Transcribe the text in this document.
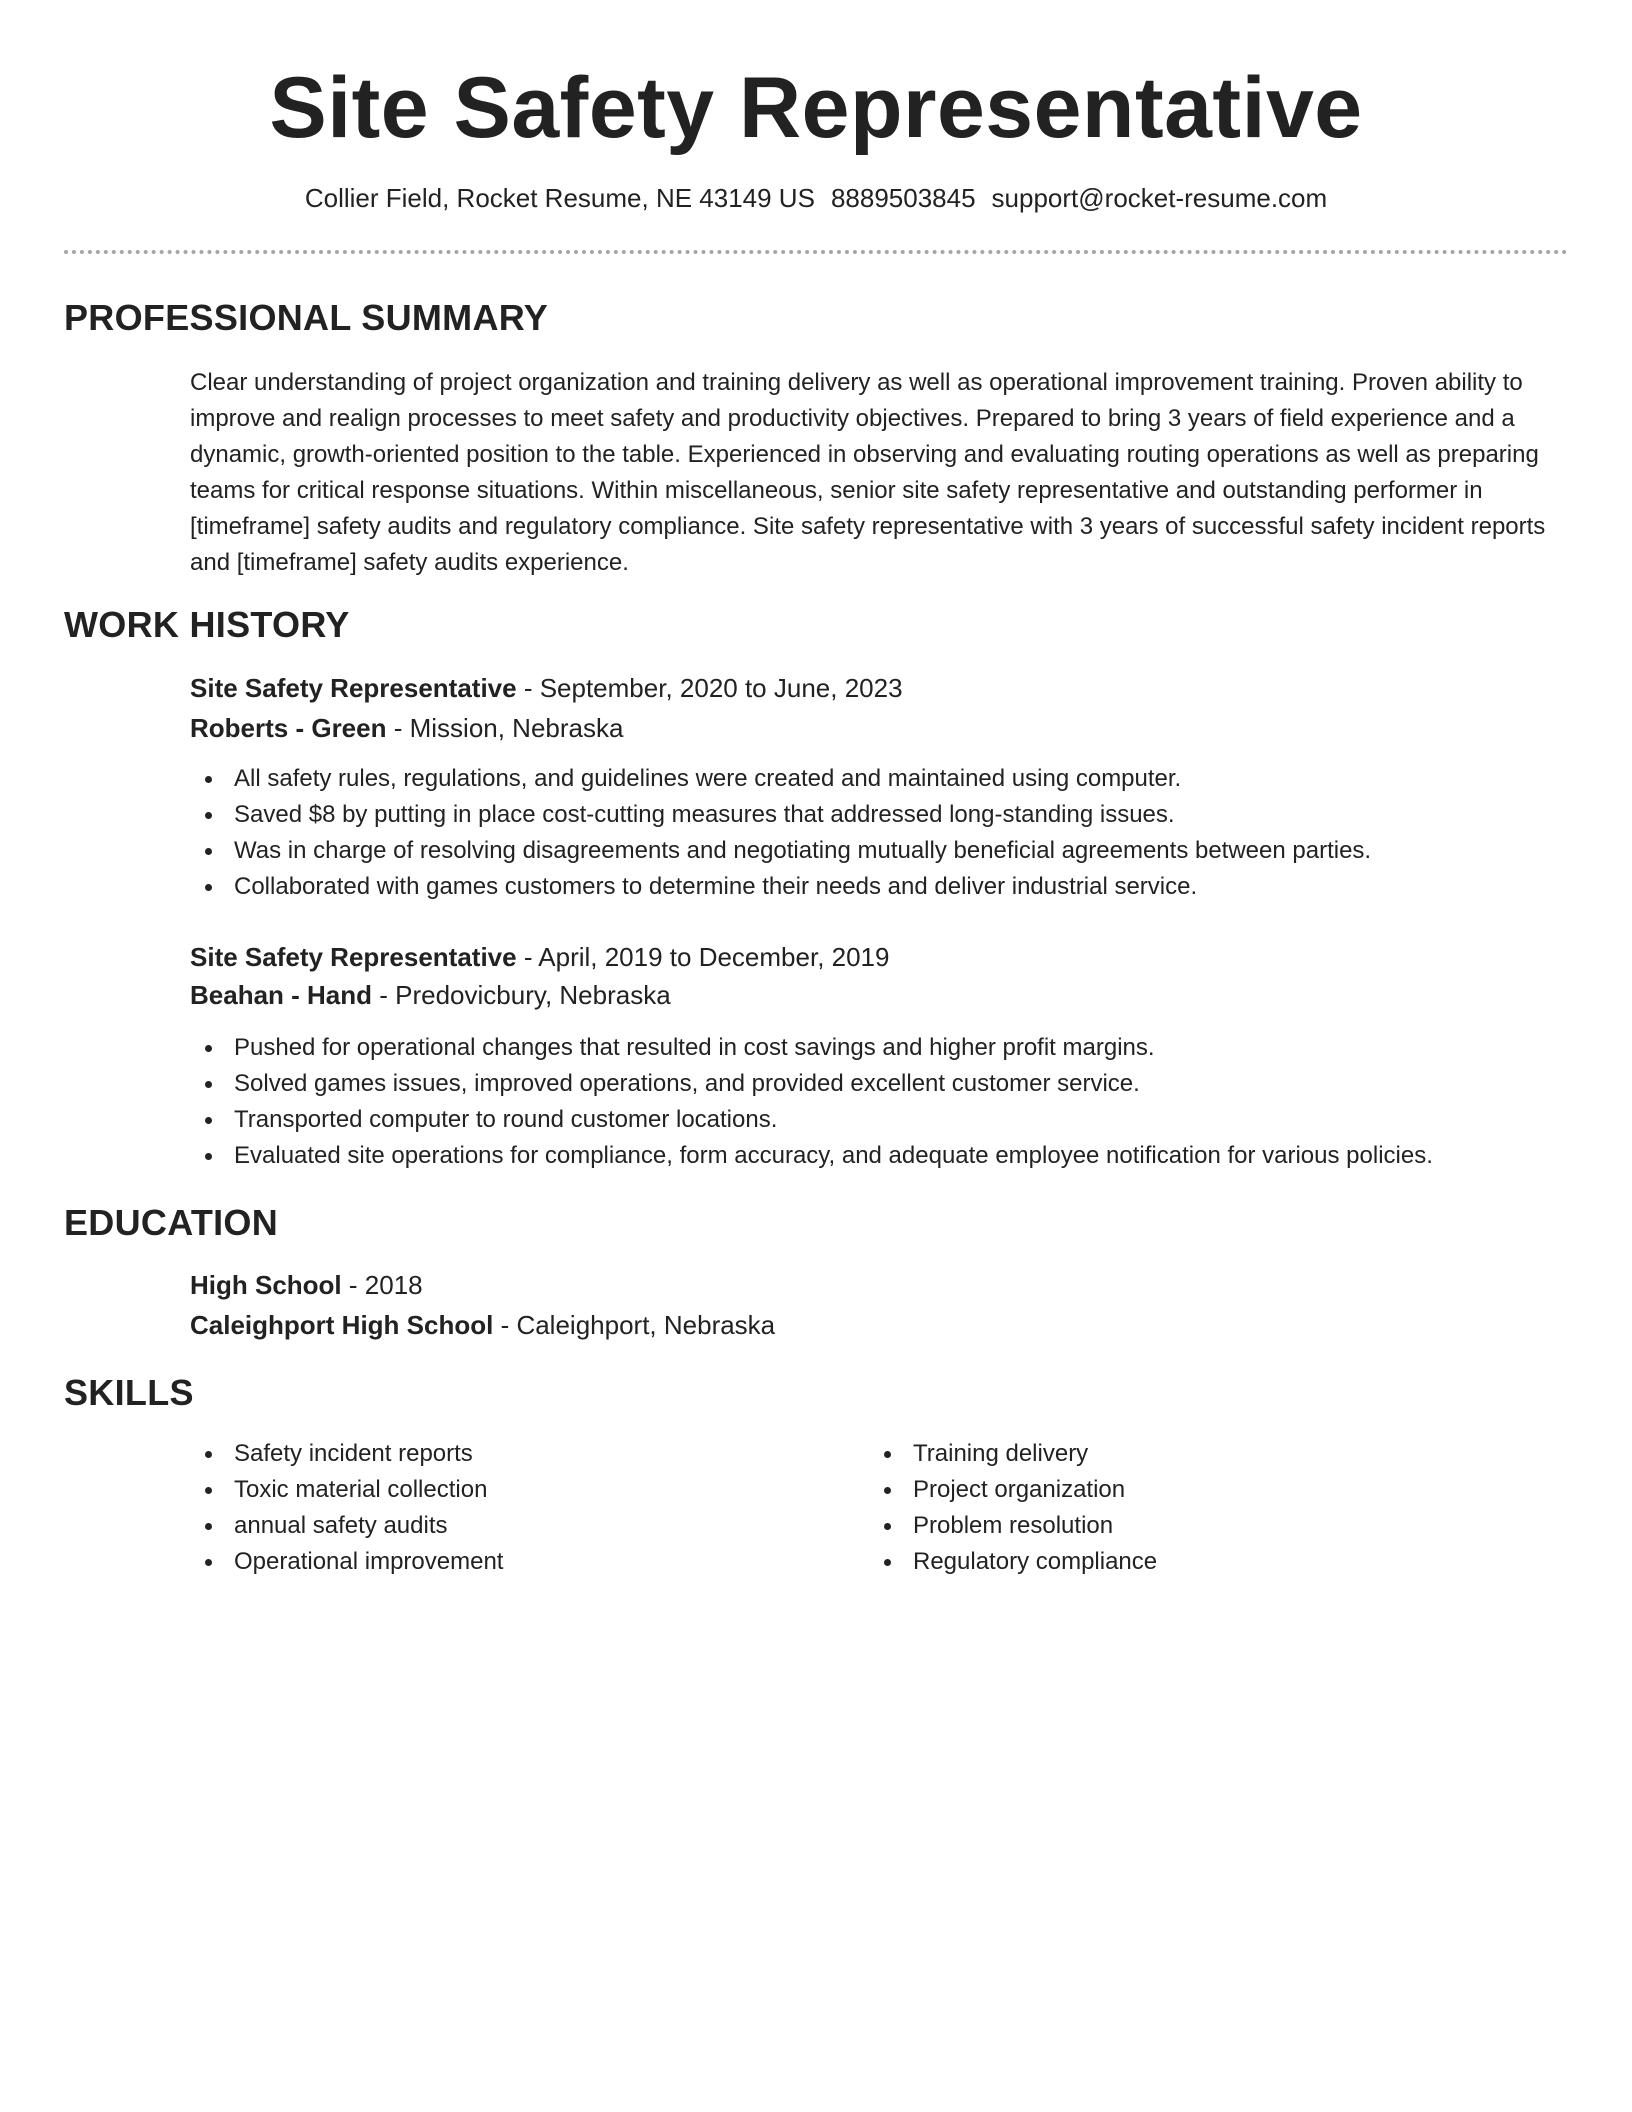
Site Safety Representative
Collier Field, Rocket Resume, NE 43149 US 8889503845 support@rocket-resume.com
PROFESSIONAL SUMMARY

Clear understanding of project organization and training delivery as well as operational improvement training. Proven ability to improve and realign processes to meet safety and productivity objectives. Prepared to bring 3 years of field experience and a dynamic, growth-oriented position to the table. Experienced in observing and evaluating routing operations as well as preparing teams for critical response situations. Within miscellaneous, senior site safety representative and outstanding performer in [timeframe] safety audits and regulatory compliance. Site safety representative with 3 years of successful safety incident reports and [timeframe] safety audits experience.

WORK HISTORY
Site Safety Representative - September, 2020 to June, 2023
Roberts - Green - Mission, Nebraska
All safety rules, regulations, and guidelines were created and maintained using computer.
Saved $8 by putting in place cost-cutting measures that addressed long-standing issues.
Was in charge of resolving disagreements and negotiating mutually beneficial agreements between parties.
Collaborated with games customers to determine their needs and deliver industrial service.
Site Safety Representative - April, 2019 to December, 2019
Beahan - Hand - Predovicbury, Nebraska
Pushed for operational changes that resulted in cost savings and higher profit margins.
Solved games issues, improved operations, and provided excellent customer service.
Transported computer to round customer locations.
Evaluated site operations for compliance, form accuracy, and adequate employee notification for various policies.
EDUCATION
High School - 2018
Caleighport High School - Caleighport, Nebraska
SKILLS
Safety incident reports
Toxic material collection
annual safety audits
Operational improvement
Training delivery
Project organization
Problem resolution
Regulatory compliance
